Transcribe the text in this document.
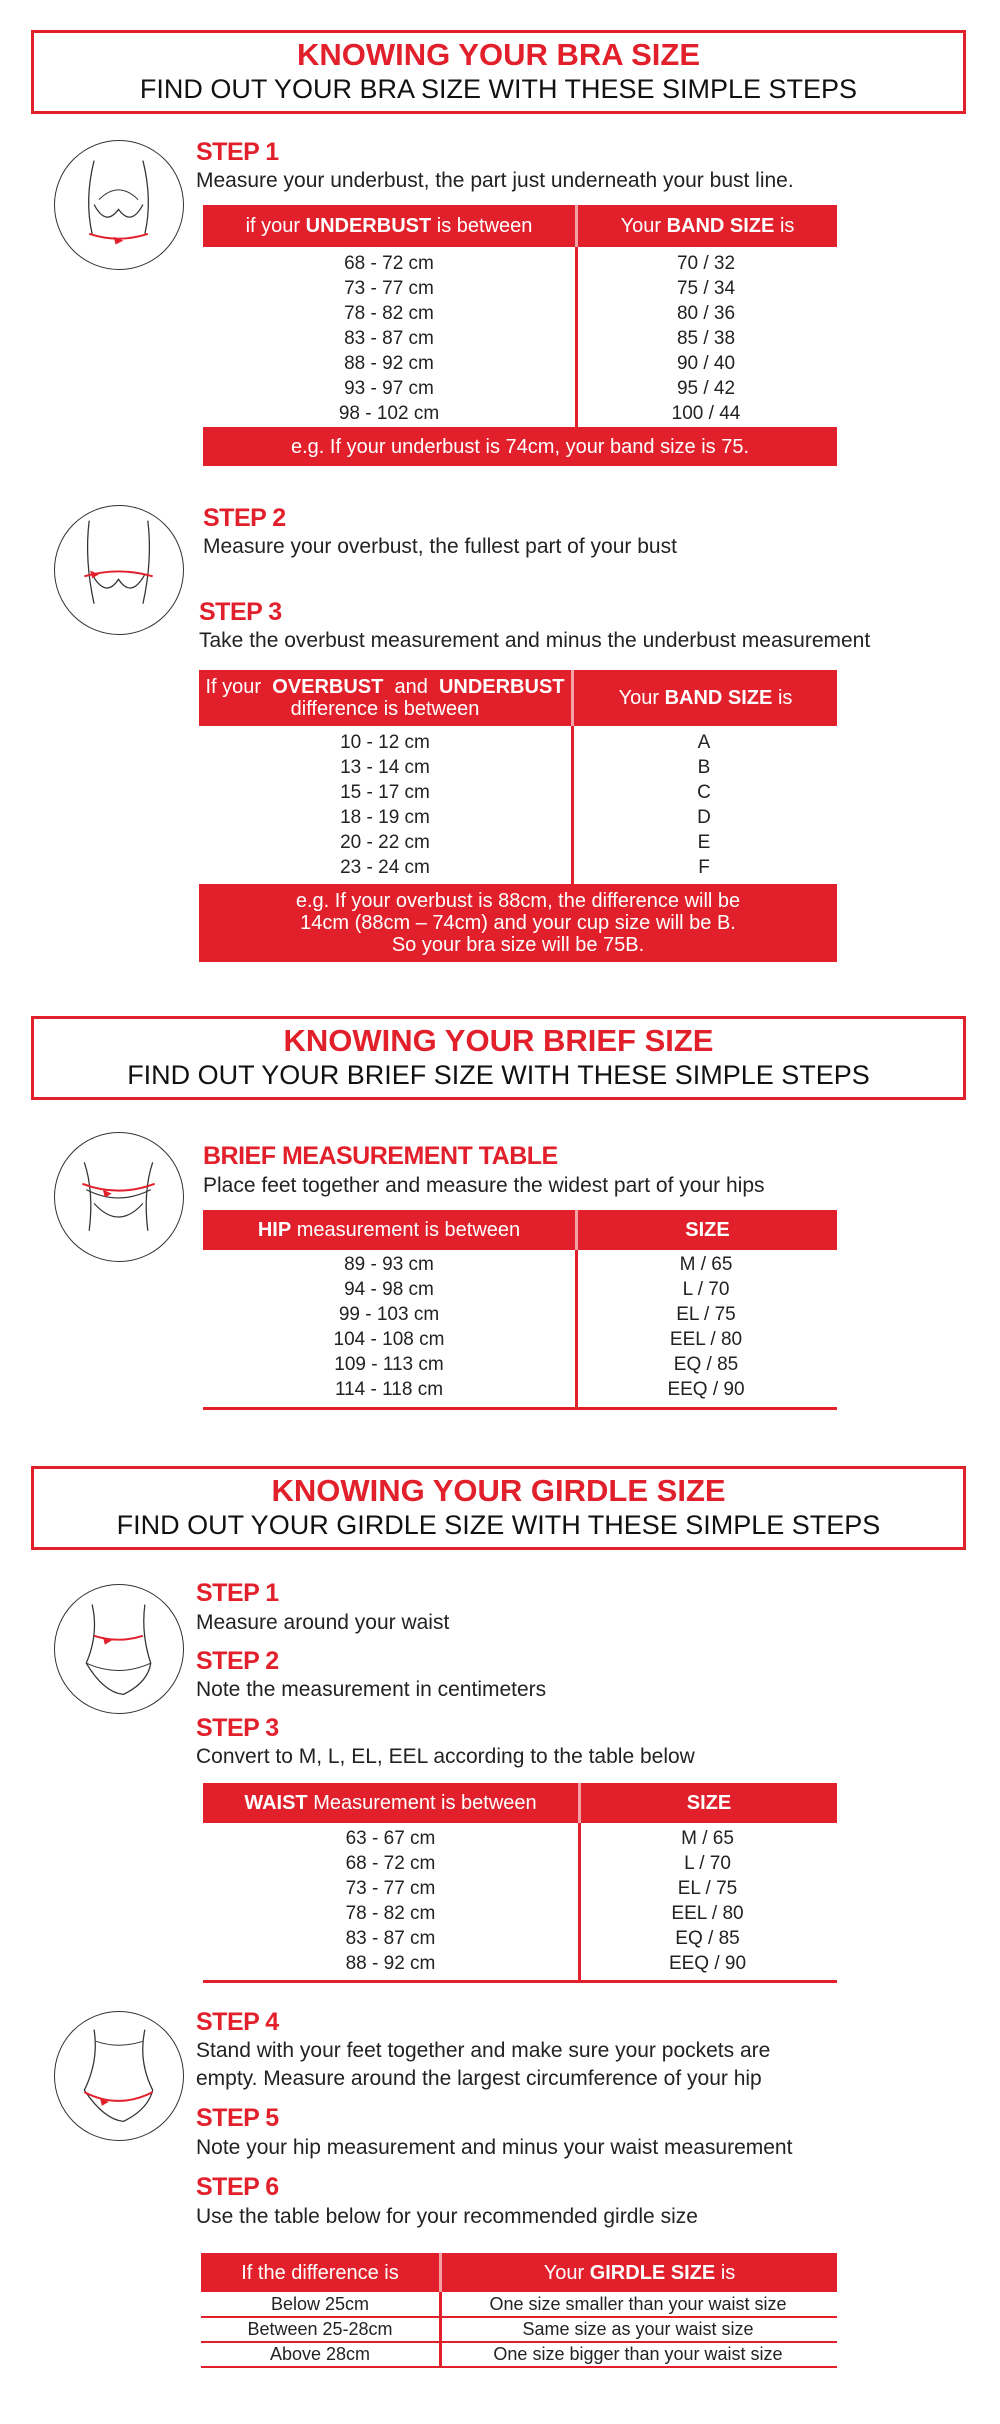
KNOWING YOUR BRA SIZE
FIND OUT YOUR BRA SIZE WITH THESE SIMPLE STEPS
STEP 1
Measure your underbust, the part just underneath your bust line.
if your
UNDERBUST
is between	Your
BAND SIZE
is
68 - 72 cm	70 / 32
73 - 77 cm	75 / 34
78 - 82 cm	80 / 36
83 - 87 cm	85 / 38
88 - 92 cm	90 / 40
93 - 97 cm	95 / 42
98 - 102 cm	100 / 44
e.g. If your underbust is 74cm, your band size is 75.
STEP 2
Measure your overbust, the fullest part of your bust
STEP 3
Take the overbust measurement and minus the underbust measurement
If your  OVERBUST  and  UNDERBUST
difference is between	Your
BAND SIZE
is
10 - 12 cm	A
13 - 14 cm	B
15 - 17 cm	C
18 - 19 cm	D
20 - 22 cm	E
23 - 24 cm	F
e.g. If your overbust is 88cm, the difference will be
14cm (88cm – 74cm) and your cup size will be B.
So your bra size will be 75B.
KNOWING YOUR BRIEF SIZE
FIND OUT YOUR BRIEF SIZE WITH THESE SIMPLE STEPS
BRIEF MEASUREMENT TABLE
Place feet together and measure the widest part of your hips
HIP
measurement is between	SIZE
89 - 93 cm	M / 65
94 - 98 cm	L / 70
99 - 103 cm	EL / 75
104 - 108 cm	EEL / 80
109 - 113 cm	EQ / 85
114 - 118 cm	EEQ / 90
KNOWING YOUR GIRDLE SIZE
FIND OUT YOUR GIRDLE SIZE WITH THESE SIMPLE STEPS
STEP 1
Measure around your waist
STEP 2
Note the measurement in centimeters
STEP 3
Convert to M, L, EL, EEL according to the table below
WAIST
Measurement is between	SIZE
63 - 67 cm	M / 65
68 - 72 cm	L / 70
73 - 77 cm	EL / 75
78 - 82 cm	EEL / 80
83 - 87 cm	EQ / 85
88 - 92 cm	EEQ / 90
STEP 4
Stand with your feet together and make sure your pockets are
empty. Measure around the largest circumference of your hip
STEP 5
Note your hip measurement and minus your waist measurement
STEP 6
Use the table below for your recommended girdle size
If the difference is	Your
GIRDLE SIZE
is
Below 25cm	One size smaller than your waist size
Between 25-28cm	Same size as your waist size
Above 28cm	One size bigger than your waist size
